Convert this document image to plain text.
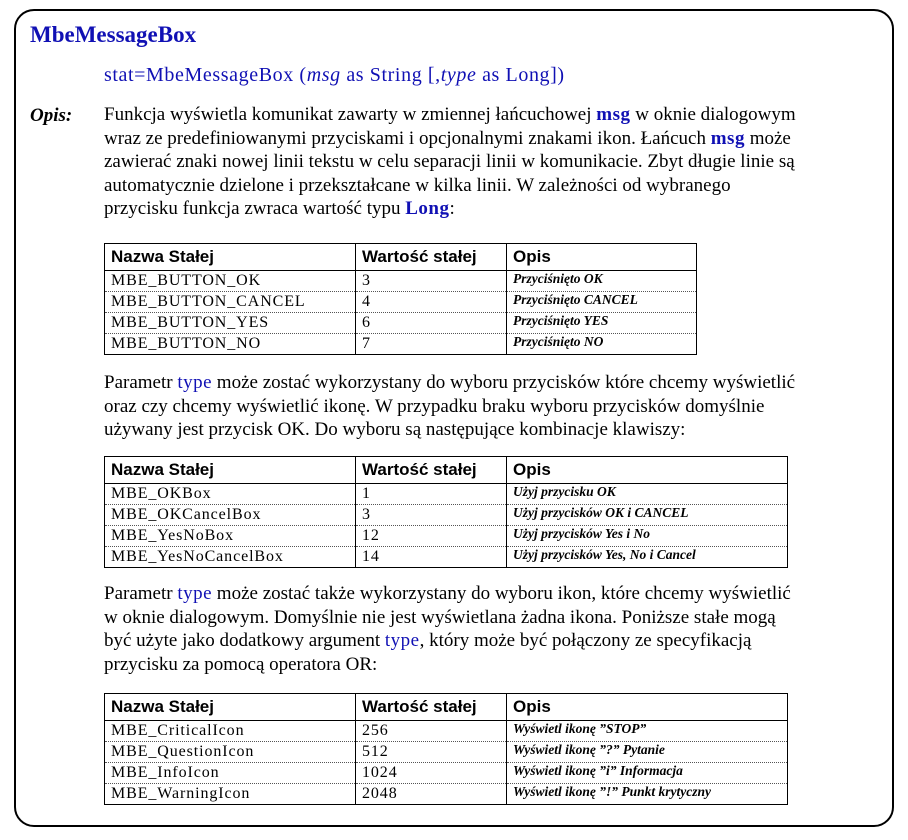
MbeMessageBox
stat=MbeMessageBox (msg as String [,type as Long])
Opis: Funkcja wyświetla komunikat zawarty w zmiennej łańcuchowej msg w oknie dialogowym
wraz ze predefiniowanymi przyciskami i opcjonalnymi znakami ikon. Łańcuch msg może
zawierać znaki nowej linii tekstu w celu separacji linii w komunikacie. Zbyt długie linie są
automatycznie dzielone i przekształcane w kilka linii. W zależności od wybranego
przycisku funkcja zwraca wartość typu Long:
Nazwa Stałej	Wartość stałej	Opis
MBE_BUTTON_OK	3	Przyciśnięto OK
MBE_BUTTON_CANCEL	4	Przyciśnięto CANCEL
MBE_BUTTON_YES	6	Przyciśnięto YES
MBE_BUTTON_NO	7	Przyciśnięto NO
Parametr type może zostać wykorzystany do wyboru przycisków które chcemy wyświetlić
oraz czy chcemy wyświetlić ikonę. W przypadku braku wyboru przycisków domyślnie
używany jest przycisk OK. Do wyboru są następujące kombinacje klawiszy:
Nazwa Stałej	Wartość stałej	Opis
MBE_OKBox	1	Użyj przycisku OK
MBE_OKCancelBox	3	Użyj przycisków OK i CANCEL
MBE_YesNoBox	12	Użyj przycisków Yes i No
MBE_YesNoCancelBox	14	Użyj przycisków Yes, No i Cancel
Parametr type może zostać także wykorzystany do wyboru ikon, które chcemy wyświetlić
w oknie dialogowym. Domyślnie nie jest wyświetlana żadna ikona. Poniższe stałe mogą
być użyte jako dodatkowy argument type, który może być połączony ze specyfikacją
przycisku za pomocą operatora OR:
Nazwa Stałej	Wartość stałej	Opis
MBE_CriticalIcon	256	Wyświetl ikonę ”STOP”
MBE_QuestionIcon	512	Wyświetl ikonę ”?” Pytanie
MBE_InfoIcon	1024	Wyświetl ikonę ”i” Informacja
MBE_WarningIcon	2048	Wyświetl ikonę ”!” Punkt krytyczny
